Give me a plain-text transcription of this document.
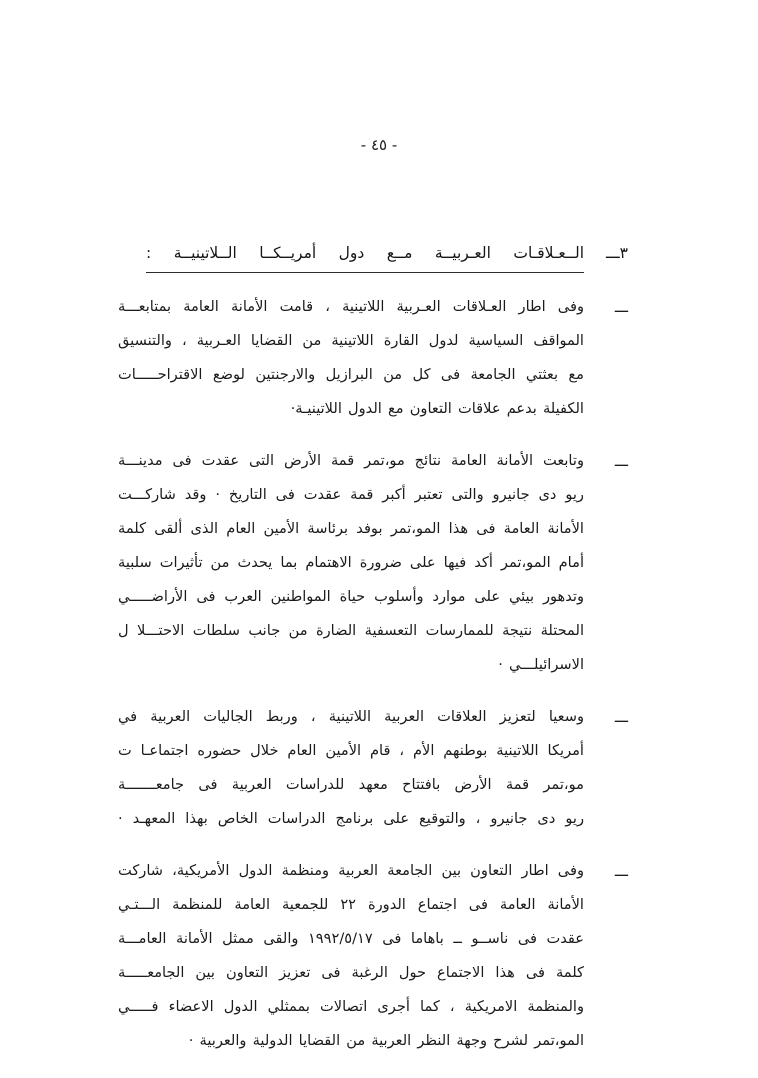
- ٤٥ -
٣ـــ
الــعـلاقـات العـربيــة مــع دول أمريــكــا الــلاتينيــة :
ـــ
وفى اطار العـلاقات العـربية اللاتينية ، قامت الأمانة العامة بمتابعـــة
المواقف السياسية لدول القارة اللاتينية من القضايا العـربية ، والتنسيق
مع بعثتي الجامعة فى كل من البرازيل والارجنتين لوضع الاقتراحـــــات
الكفيلة بدعم علاقات التعاون مع الدول اللاتينيـة·
ـــ
وتابعت الأمانة العامة نتائج مو،تمر قمة الأرض التى عقدت فى مدينـــة
ريو دى جانيرو والتى تعتبر أكبر قمة عقدت فى التاريخ · وقد شاركـــت
الأمانة العامة فى هذا المو،تمر بوفد برئاسة الأمين العام الذى ألقى كلمة
أمام المو،تمر أكد فيها على ضرورة الاهتمام بما يحدث من تأثيرات سلبية
وتدهور بيئي على موارد وأسلوب حياة المواطنين العرب فى الأراضـــــي
المحتلة نتيجة للممارسات التعسفية الضارة من جانب سلطات الاحتـــلا ل
الاسرائيلـــي ·
ـــ
وسعيا لتعزيز العلاقات العربية اللاتينية ، وربط الجاليات العربية في
أمريكا اللاتينية بوطنهم الأم ، قام الأمين العام خلال حضوره اجتماعـا ت
مو،تمر قمة الأرض بافتتاح معهد للدراسات العربية فى جامعـــــــة
ريو دى جانيرو ، والتوقيع على برنامج الدراسات الخاص بهذا المعهـد ·
ـــ
وفى اطار التعاون بين الجامعة العربية ومنظمة الدول الأمريكية، شاركت
الأمانة العامة فى اجتماع الدورة ٢٢ للجمعية العامة للمنظمة الـــتـي
عقدت فى ناســو ــ باهاما فى ١٩٩٢/٥/١٧ والقى ممثل الأمانة العامـــة
كلمة فى هذا الاجتماع حول الرغبة فى تعزيز التعاون بين الجامعـــــة
والمنظمة الامريكية ، كما أجرى اتصالات بممثلي الدول الاعضاء فـــــي
المو،تمر لشرح وجهة النظر العربية من القضايا الدولية والعربية ·
